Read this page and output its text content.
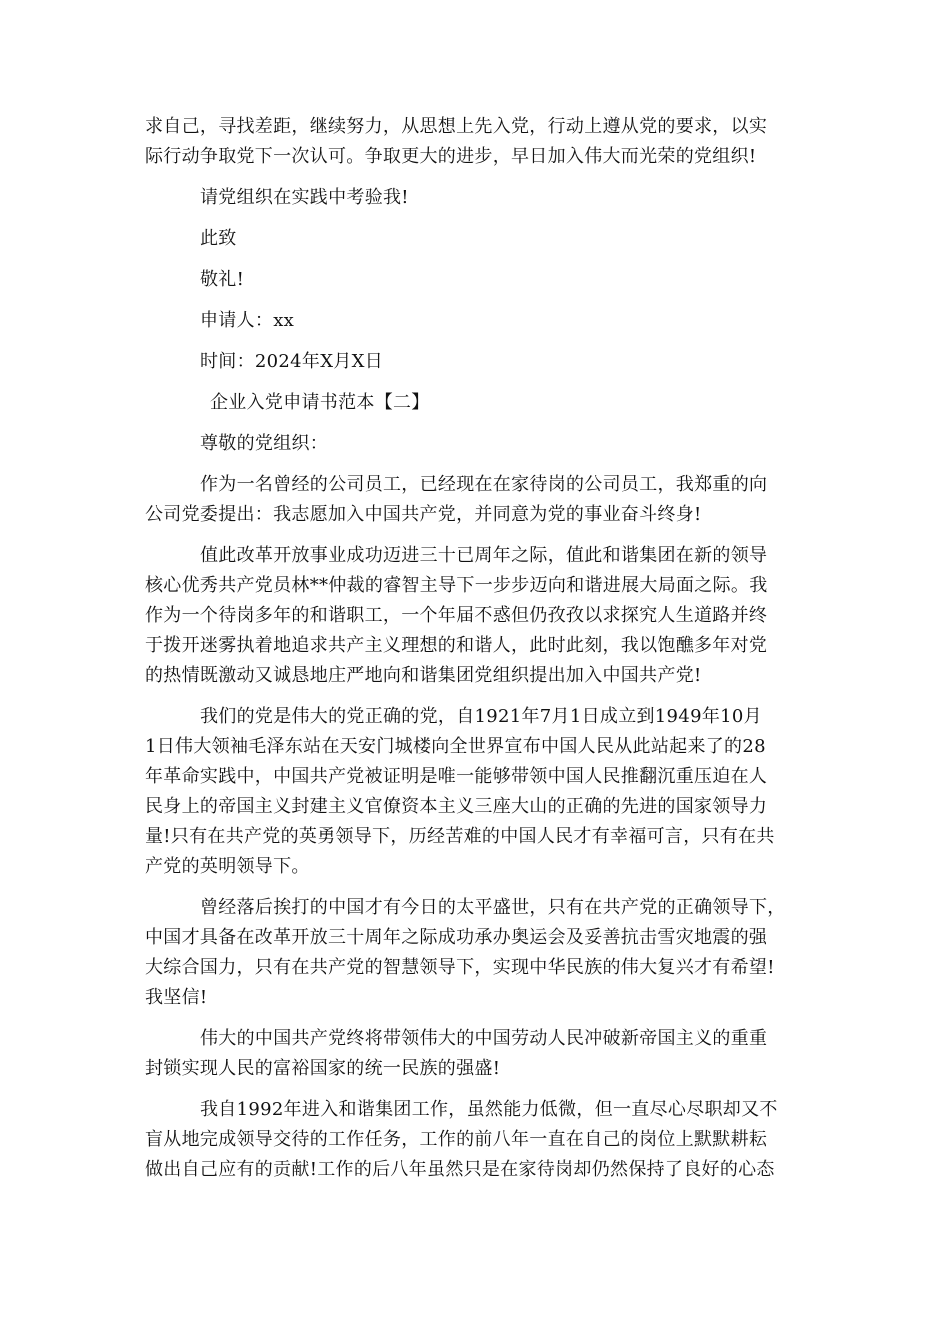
求自己，寻找差距，继续努力，从思想上先入党，行动上遵从党的要求，以实

际行动争取党下一次认可。争取更大的进步，早日加入伟大而光荣的党组织!

请党组织在实践中考验我!

此致

敬礼!

申请人：xx

时间：2024年X月X日

企业入党申请书范本【二】

尊敬的党组织：

作为一名曾经的公司员工，已经现在在家待岗的公司员工，我郑重的向

公司党委提出：我志愿加入中国共产党，并同意为党的事业奋斗终身!

值此改革开放事业成功迈进三十已周年之际，值此和谐集团在新的领导

核心优秀共产党员林**仲裁的睿智主导下一步步迈向和谐进展大局面之际。我

作为一个待岗多年的和谐职工，一个年届不惑但仍孜孜以求探究人生道路并终

于拨开迷雾执着地追求共产主义理想的和谐人，此时此刻，我以饱醮多年对党

的热情既激动又诚恳地庄严地向和谐集团党组织提出加入中国共产党!

我们的党是伟大的党正确的党，自1921年7月1日成立到1949年10月

1日伟大领袖毛泽东站在天安门城楼向全世界宣布中国人民从此站起来了的28

年革命实践中，中国共产党被证明是唯一能够带领中国人民推翻沉重压迫在人

民身上的帝国主义封建主义官僚资本主义三座大山的正确的先进的国家领导力

量!只有在共产党的英勇领导下，历经苦难的中国人民才有幸福可言，只有在共

产党的英明领导下。

曾经落后挨打的中国才有今日的太平盛世，只有在共产党的正确领导下，

中国才具备在改革开放三十周年之际成功承办奥运会及妥善抗击雪灾地震的强

大综合国力，只有在共产党的智慧领导下，实现中华民族的伟大复兴才有希望!

我坚信!

伟大的中国共产党终将带领伟大的中国劳动人民冲破新帝国主义的重重

封锁实现人民的富裕国家的统一民族的强盛!

我自1992年进入和谐集团工作，虽然能力低微，但一直尽心尽职却又不

盲从地完成领导交待的工作任务，工作的前八年一直在自己的岗位上默默耕耘

做出自己应有的贡献!工作的后八年虽然只是在家待岗却仍然保持了良好的心态
